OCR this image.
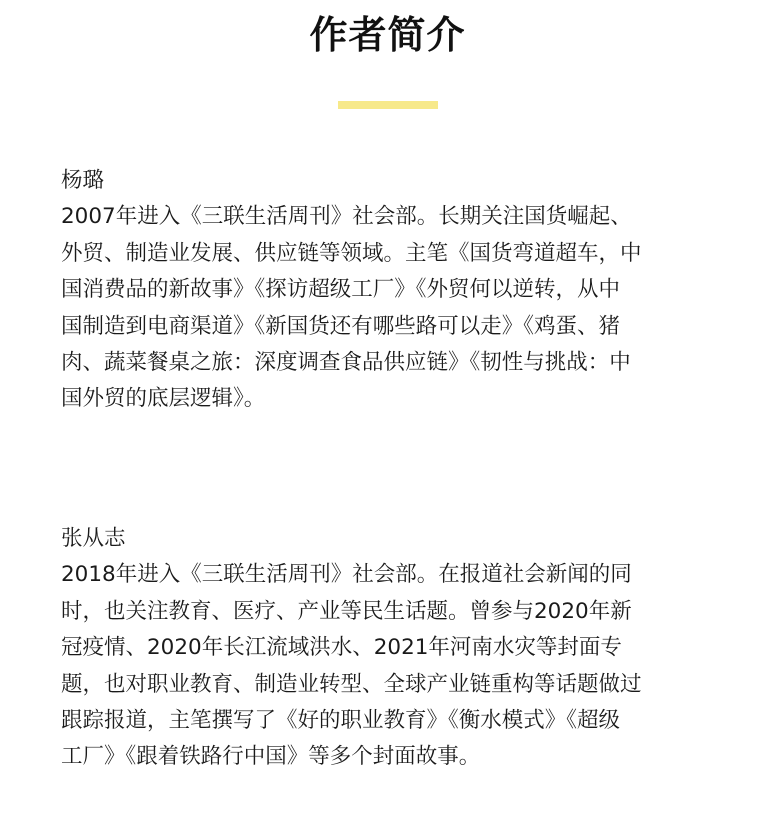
作者简介
杨璐
2007年进入《三联生活周刊》社会部。长期关注国货崛起、
外贸、制造业发展、供应链等领域。主笔《国货弯道超车，中
国消费品的新故事》《探访超级工厂》《外贸何以逆转，从中
国制造到电商渠道》《新国货还有哪些路可以走》《鸡蛋、猪
肉、蔬菜餐桌之旅：深度调查食品供应链》《韧性与挑战：中
国外贸的底层逻辑》。
张从志
2018年进入《三联生活周刊》社会部。在报道社会新闻的同
时，也关注教育、医疗、产业等民生话题。曾参与2020年新
冠疫情、2020年长江流域洪水、2021年河南水灾等封面专
题，也对职业教育、制造业转型、全球产业链重构等话题做过
跟踪报道，主笔撰写了《好的职业教育》《衡水模式》《超级
工厂》《跟着铁路行中国》等多个封面故事。
